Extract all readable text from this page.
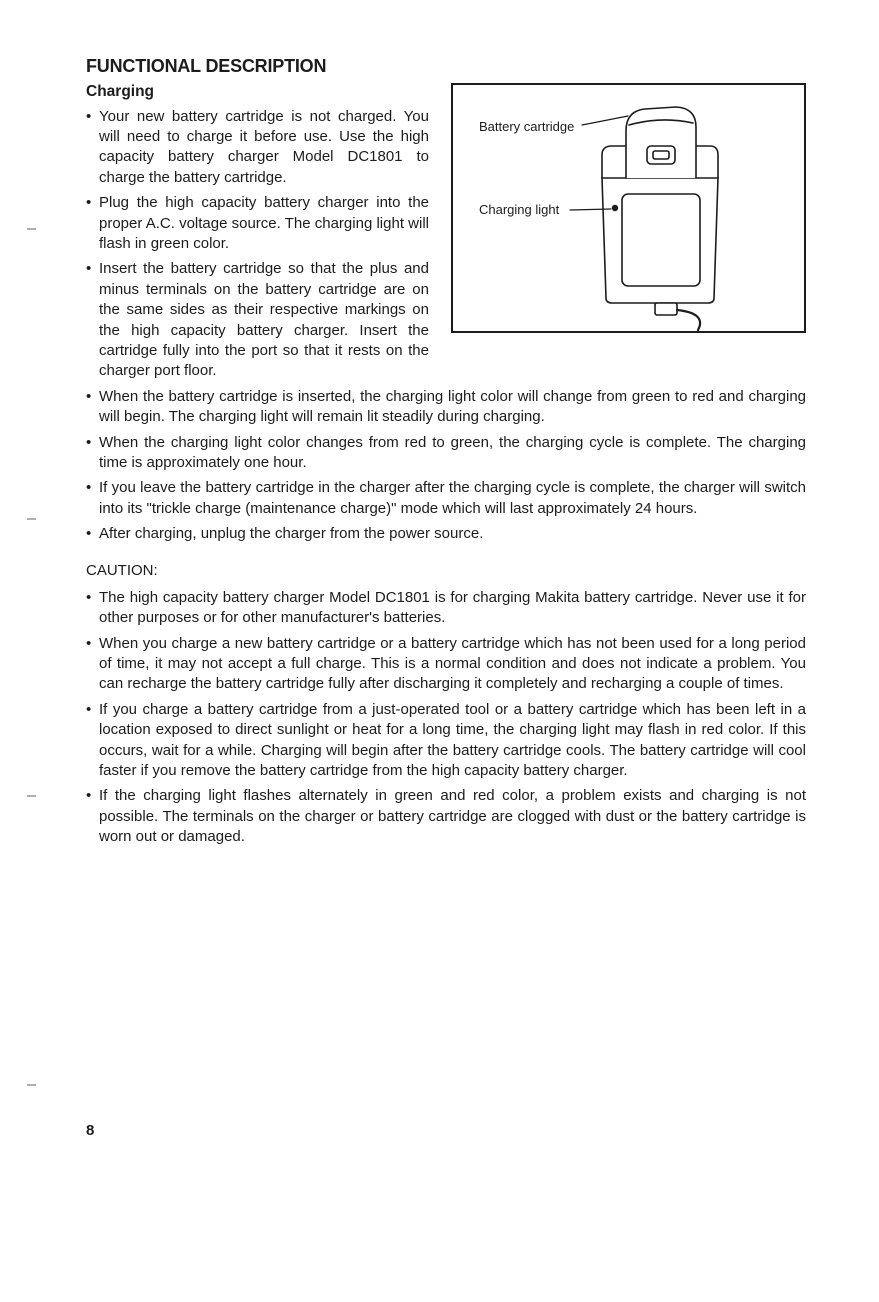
FUNCTIONAL DESCRIPTION
Battery cartridge
Charging light
Charging
• Your new battery cartridge is not charged. You will need to charge it before use. Use the high capacity battery charger Model DC1801 to charge the battery cartridge.
• Plug the high capacity battery charger into the proper A.C. voltage source. The charging light will flash in green color.
• Insert the battery cartridge so that the plus and minus terminals on the battery cartridge are on the same sides as their respective markings on the high capacity battery charger. Insert the cartridge fully into the port so that it rests on the charger port floor.
• When the battery cartridge is inserted, the charging light color will change from green to red and charging will begin. The charging light will remain lit steadily during charging.
• When the charging light color changes from red to green, the charging cycle is complete. The charging time is approximately one hour.
• If you leave the battery cartridge in the charger after the charging cycle is complete, the charger will switch into its "trickle charge (maintenance charge)" mode which will last approximately 24 hours.
• After charging, unplug the charger from the power source.

CAUTION:

• The high capacity battery charger Model DC1801 is for charging Makita battery cartridge. Never use it for other purposes or for other manufacturer's batteries.
• When you charge a new battery cartridge or a battery cartridge which has not been used for a long period of time, it may not accept a full charge. This is a normal condition and does not indicate a problem. You can recharge the battery cartridge fully after discharging it completely and recharging a couple of times.
• If you charge a battery cartridge from a just-operated tool or a battery cartridge which has been left in a location exposed to direct sunlight or heat for a long time, the charging light may flash in red color. If this occurs, wait for a while. Charging will begin after the battery cartridge cools. The battery cartridge will cool faster if you remove the battery cartridge from the high capacity battery charger.
• If the charging light flashes alternately in green and red color, a problem exists and charging is not possible. The terminals on the charger or battery cartridge are clogged with dust or the battery cartridge is worn out or damaged.
8
